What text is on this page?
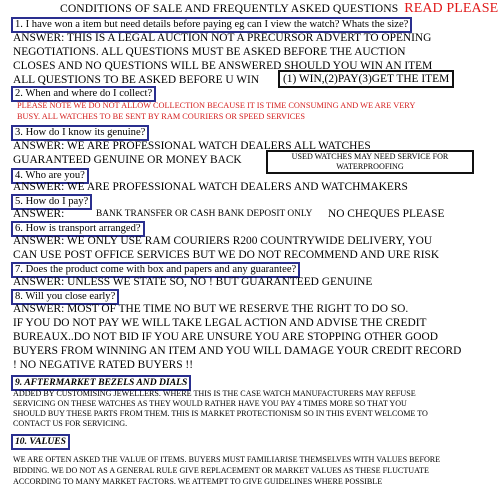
CONDITIONS OF SALE AND FREQUENTLY ASKED QUESTIONS READ PLEASE
1. I have won a item but need details before paying eg can I view the watch? Whats the size?
ANSWER: THIS IS A LEGAL AUCTION NOT A PRECURSOR ADVERT TO OPENING
NEGOTIATIONS. ALL QUESTIONS MUST BE ASKED BEFORE THE AUCTION
CLOSES AND NO QUESTIONS WILL BE ANSWERED SHOULD YOU WIN AN ITEM
ALL QUESTIONS TO BE ASKED BEFORE U WIN	(1) WIN,(2)PAY(3)GET THE ITEM
2. When and where do I collect?
PLEASE NOTE WE DO NOT ALLOW COLLECTION BECAUSE IT IS TIME CONSUMING AND WE ARE VERY
BUSY. ALL WATCHES TO BE SENT BY RAM COURIERS OR SPEED SERVICES
3. How do I know its genuine?
ANSWER: WE ARE PROFESSIONAL WATCH DEALERS ALL WATCHES
GUARANTEED GENUINE OR MONEY BACK	USED WATCHES MAY NEED SERVICE FOR
WATERPROOFING
4. Who are you?
ANSWER: WE ARE PROFESSIONAL WATCH DEALERS AND WATCHMAKERS
5. How do I pay?
ANSWER:	BANK TRANSFER OR CASH BANK DEPOSIT ONLY NO CHEQUES PLEASE
6. How is transport arranged?
ANSWER: WE ONLY USE RAM COURIERS R200 COUNTRYWIDE DELIVERY, YOU
CAN USE POST OFFICE SERVICES BUT WE DO NOT RECOMMEND AND URE RISK
7. Does the product come with box and papers and any guarantee?
ANSWER: UNLESS WE STATE SO, NO ! BUT GUARANTEED GENUINE
8. Will you close early?
ANSWER: MOST OF THE TIME NO BUT WE RESERVE THE RIGHT TO DO SO.
IF YOU DO NOT PAY WE WILL TAKE LEGAL ACTION AND ADVISE THE CREDIT
BUREAUX..DO NOT BID IF YOU ARE UNSURE YOU ARE STOPPING OTHER GOOD
BUYERS FROM WINNING AN ITEM AND YOU WILL DAMAGE YOUR CREDIT RECORD
! NO NEGATIVE RATED BUYERS !!
9. AFTERMARKET BEZELS AND DIALS
ADDED BY CUSTOMISING JEWELLERS. WHERE THIS IS THE CASE WATCH MANUFACTURERS MAY REFUSE
SERVICING ON THESE WATCHES AS THEY WOULD RATHER HAVE YOU PAY 4 TIMES MORE SO THAT YOU
SHOULD BUY THESE PARTS FROM THEM. THIS IS MARKET PROTECTIONISM SO IN THIS EVENT WELCOME TO
CONTACT US FOR SERVICING.
10. VALUES
WE ARE OFTEN ASKED THE VALUE OF ITEMS. BUYERS MUST FAMILIARISE THEMSELVES WITH VALUES BEFORE
BIDDING. WE DO NOT AS A GENERAL RULE GIVE REPLACEMENT OR MARKET VALUES AS THESE FLUCTUATE
ACCORDING TO MANY MARKET FACTORS. WE ATTEMPT TO GIVE GUIDELINES WHERE POSSIBLE
